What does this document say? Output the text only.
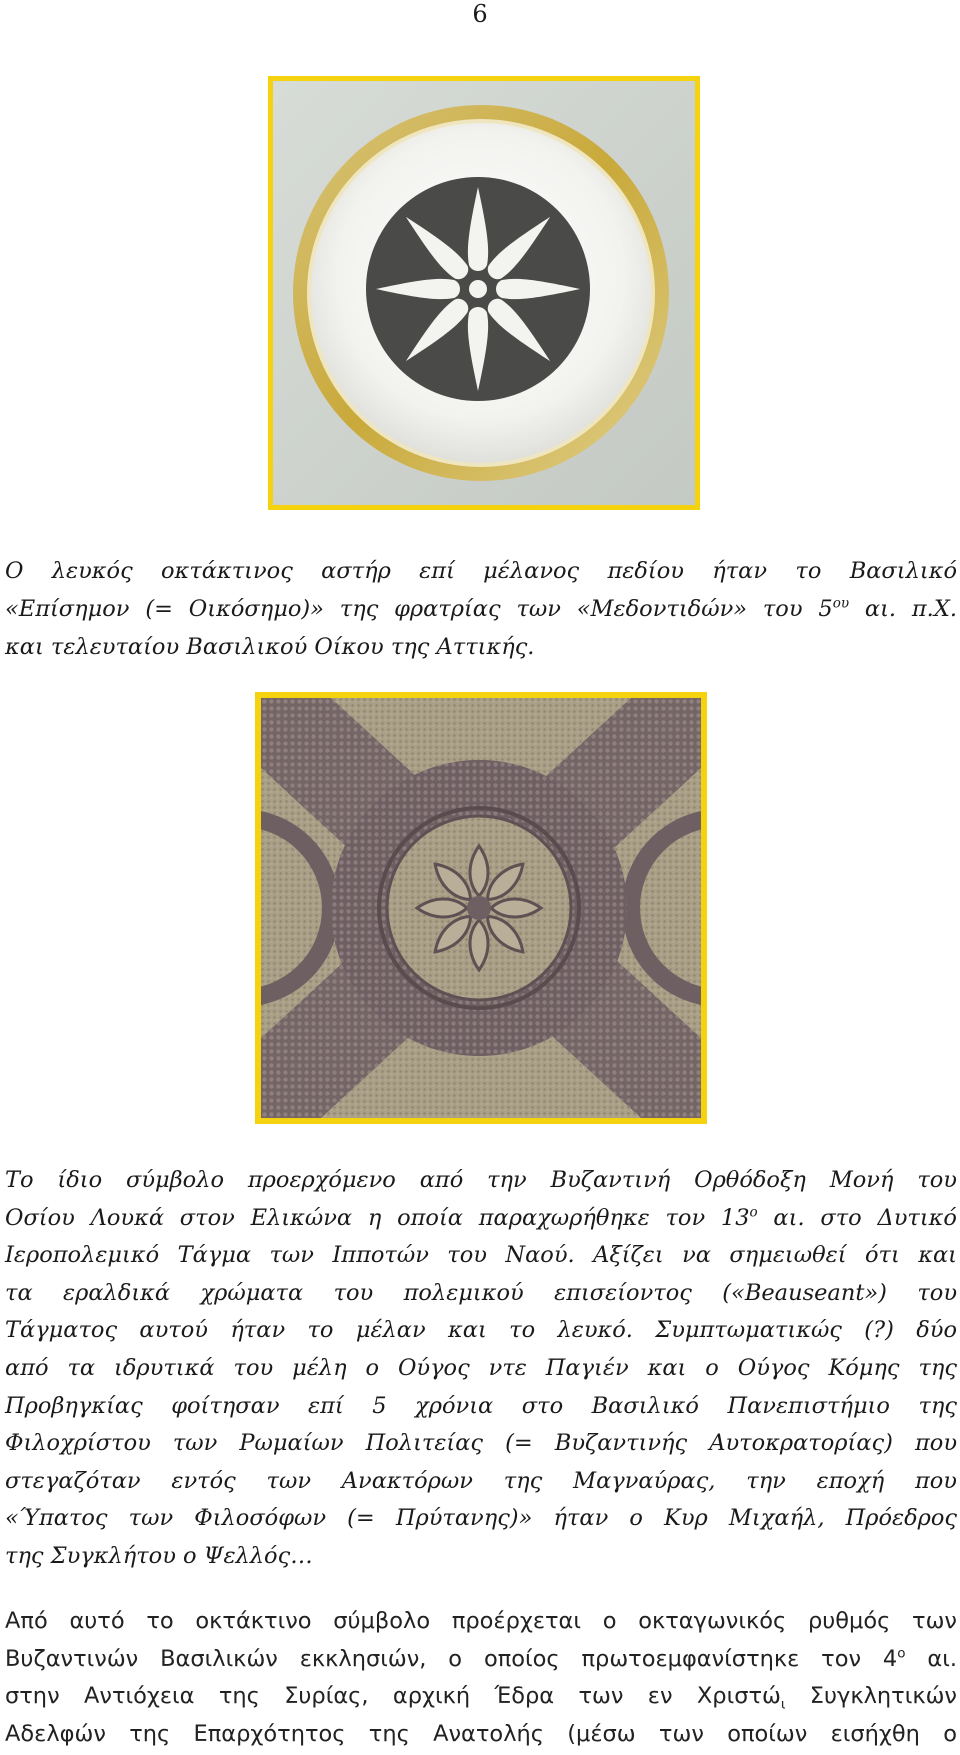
6
Ο λευκός οκτάκτινος αστήρ επί μέλανος πεδίου ήταν το Βασιλικό
«Επίσημον (= Οικόσημο)» της φρατρίας των «Μεδοντιδών» του $5^{o\upsilon}$ αι. π.Χ.
και τελευταίου Βασιλικού Οίκου της Αττικής.
Το ίδιο σύμβολο προερχόμενο από την Βυζαντινή Ορθόδοξη Μονή του
Οσίου Λουκά στον Ελικώνα η οποία παραχωρήθηκε τον $13^o$ αι. στο Δυτικό
Ιεροπολεμικό Τάγμα των Ιπποτών του Ναού. Αξίζει να σημειωθεί ότι και
τα εραλδικά χρώματα του πολεμικού επισείοντος («Beauseant») του
Τάγματος αυτού ήταν το μέλαν και το λευκό. Συμπτωματικώς (?) δύο
από τα ιδρυτικά του μέλη ο Ούγος ντε Παγιέν και ο Ούγος Κόμης της
Προβηγκίας φοίτησαν επί 5 χρόνια στο Βασιλικό Πανεπιστήμιο της
Φιλοχρίστου των Ρωμαίων Πολιτείας (= Βυζαντινής Αυτοκρατορίας) που
στεγαζόταν εντός των Ανακτόρων της Μαγναύρας, την εποχή που
«Ύπατος των Φιλοσόφων (= Πρύτανης)» ήταν ο Κυρ Μιχαήλ, Πρόεδρος
της Συγκλήτου ο Ψελλός…
Από αυτό το οκτάκτινο σύμβολο προέρχεται ο οκταγωνικός ρυθμός των
Βυζαντινών Βασιλικών εκκλησιών, ο οποίος πρωτοεμφανίστηκε τον $4^o$ αι.
στην Αντιόχεια της Συρίας, αρχική Έδρα των εν Χριστώ$_\iota$ Συγκλητικών
Αδελφών της Επαρχότητος της Ανατολής (μέσω των οποίων εισήχθη ο
